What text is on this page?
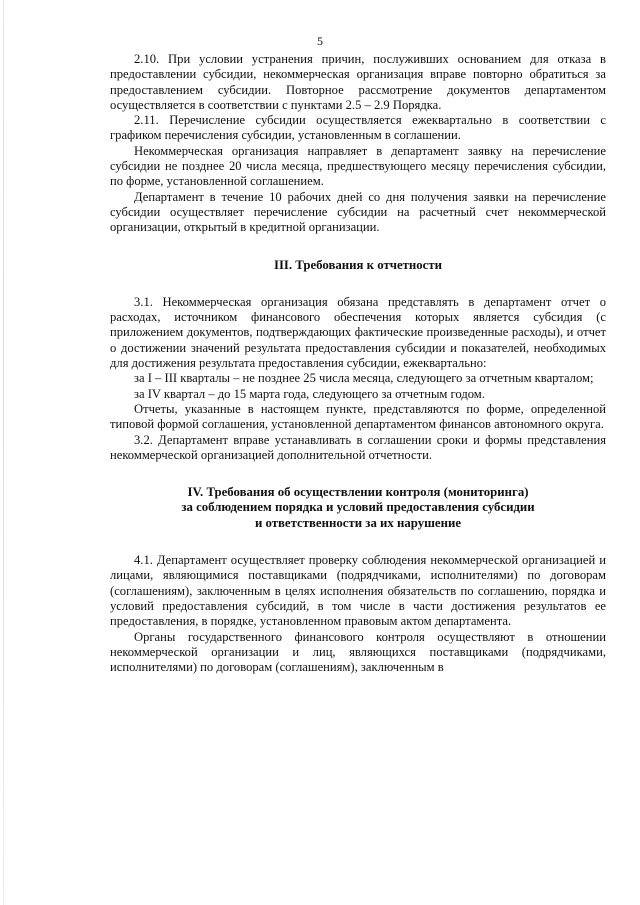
5

2.10. При условии устранения причин, послуживших основанием для отказа в предоставлении субсидии, некоммерческая организация вправе повторно обратиться за предоставлением субсидии. Повторное рассмотрение документов департаментом осуществляется в соответствии с пунктами 2.5 – 2.9 Порядка.

2.11. Перечисление субсидии осуществляется ежеквартально в соответствии с графиком перечисления субсидии, установленным в соглашении.

Некоммерческая организация направляет в департамент заявку на перечисление субсидии не позднее 20 числа месяца, предшествующего месяцу перечисления субсидии, по форме, установленной соглашением.

Департамент в течение 10 рабочих дней со дня получения заявки на перечисление субсидии осуществляет перечисление субсидии на расчетный счет некоммерческой организации, открытый в кредитной организации.

III. Требования к отчетности

3.1. Некоммерческая организация обязана представлять в департамент отчет о расходах, источником финансового обеспечения которых является субсидия (с приложением документов, подтверждающих фактические произведенные расходы), и отчет о достижении значений результата предоставления субсидии и показателей, необходимых для достижения результата предоставления субсидии, ежеквартально:

за I – III кварталы – не позднее 25 числа месяца, следующего за отчетным кварталом;

за IV квартал – до 15 марта года, следующего за отчетным годом.

Отчеты, указанные в настоящем пункте, представляются по форме, определенной типовой формой соглашения, установленной департаментом финансов автономного округа.

3.2. Департамент вправе устанавливать в соглашении сроки и формы представления некоммерческой организацией дополнительной отчетности.

IV. Требования об осуществлении контроля (мониторинга)
за соблюдением порядка и условий предоставления субсидии
и ответственности за их нарушение

4.1. Департамент осуществляет проверку соблюдения некоммерческой организацией и лицами, являющимися поставщиками (подрядчиками, исполнителями) по договорам (соглашениям), заключенным в целях исполнения обязательств по соглашению, порядка и условий предоставления субсидий, в том числе в части достижения результатов ее предоставления, в порядке, установленном правовым актом департамента.

Органы государственного финансового контроля осуществляют в отношении некоммерческой организации и лиц, являющихся поставщиками (подрядчиками, исполнителями) по договорам (соглашениям), заключенным в
